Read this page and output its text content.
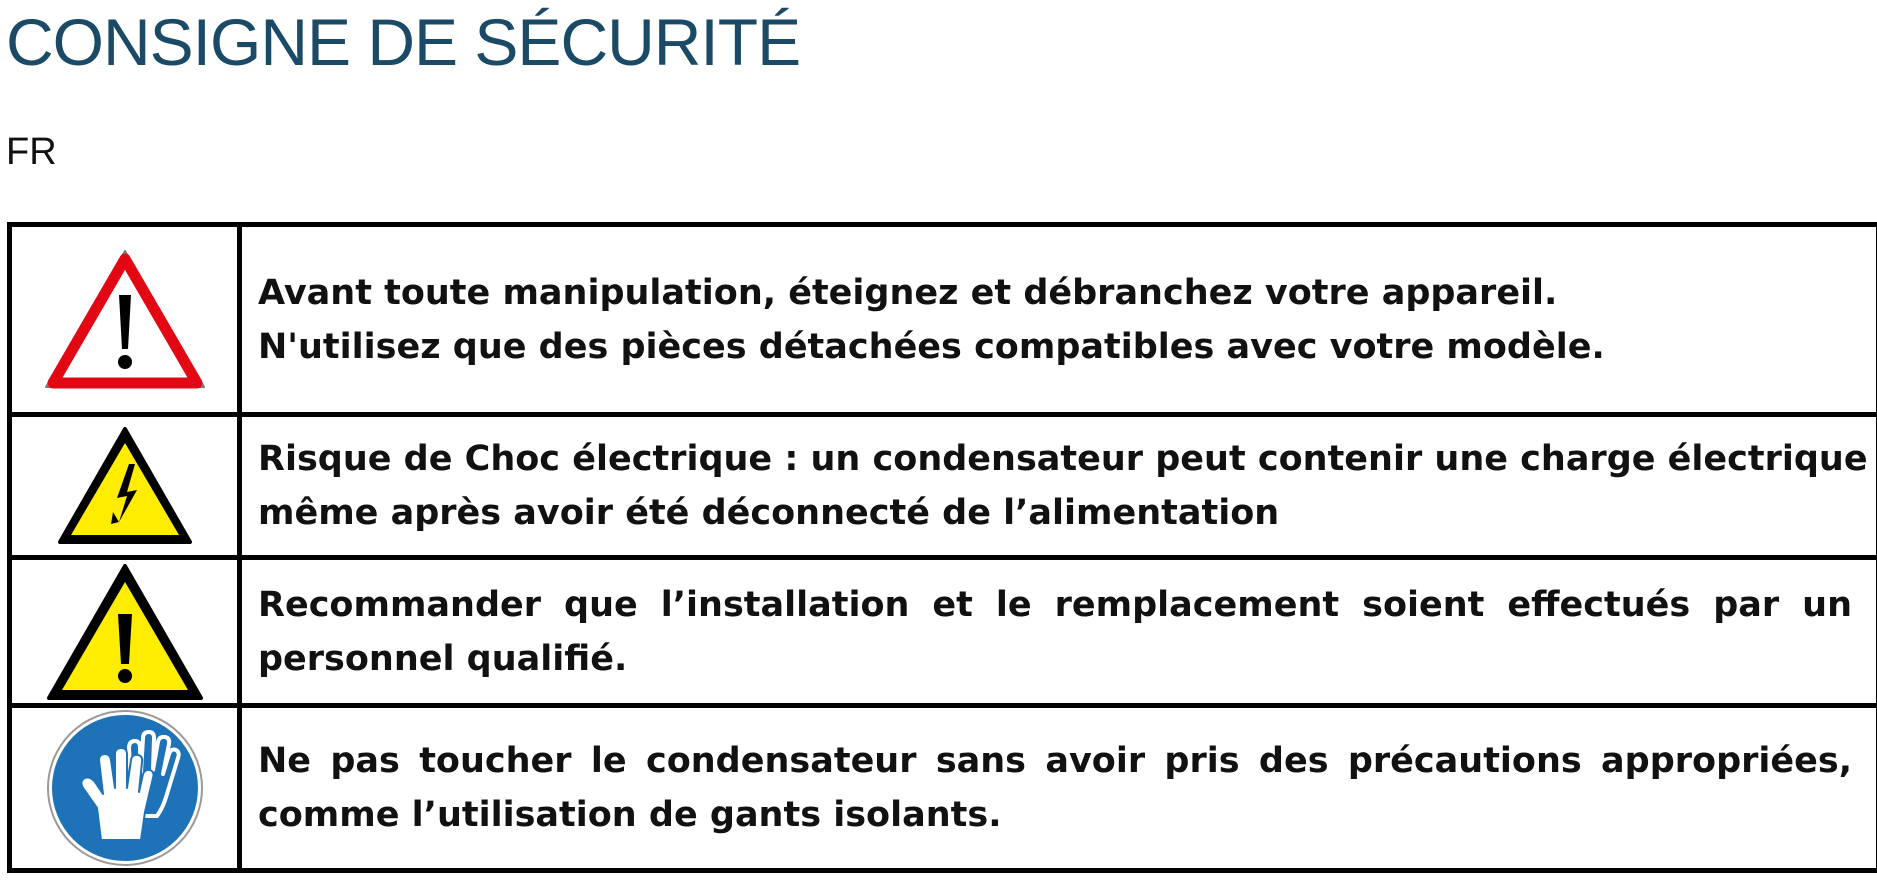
CONSIGNE DE SÉCURITÉ
FR

Avant toute manipulation, éteignez et débranchez votre appareil.
N'utilisez que des pièces détachées compatibles avec votre modèle.

Risque de Choc électrique : un condensateur peut contenir une charge électrique
même après avoir été déconnecté de l’alimentation

Recommander que l’installation et le remplacement soient effectués par un
personnel qualifié.

Ne pas toucher le condensateur sans avoir pris des précautions appropriées,
comme l’utilisation de gants isolants.
